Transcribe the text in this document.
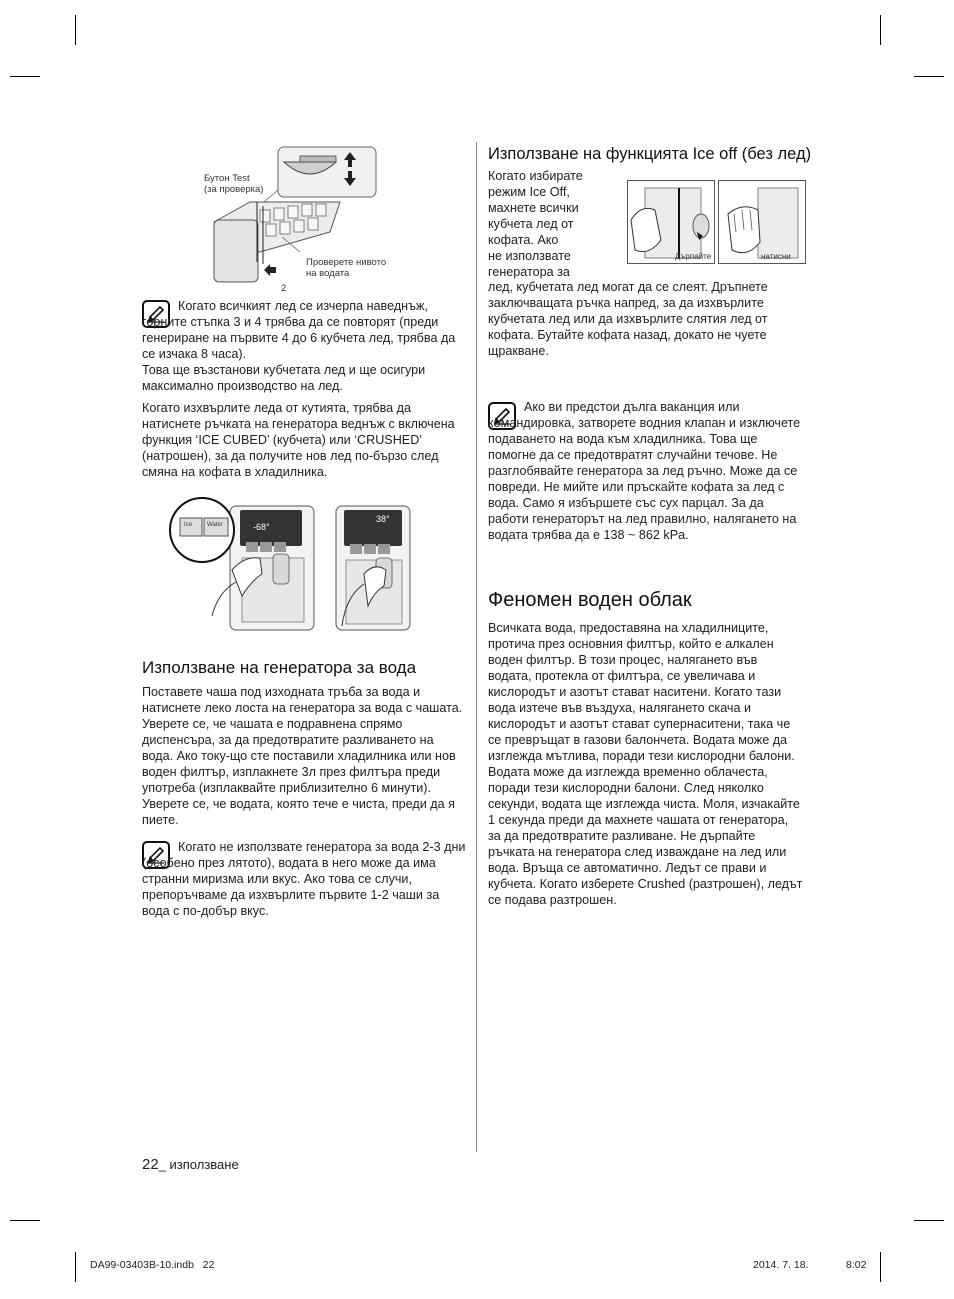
Бутон Test
(за проверка)
Проверете нивото
на водата
2
Когато всичкият лед се изчерпа наведнъж, горните стъпка 3 и 4 трябва да се повторят (преди генериране на първите 4 до 6 кубчета лед, трябва да се изчака 8 часа).
Това ще възстанови кубчетата лед и ще осигури максимално производство на лед.
Когато изхвърлите леда от кутията, трябва да натиснете ръчката на генератора веднъж с включена функция ‘ICE CUBED’ (кубчета) или ‘CRUSHED’ (натрошен), за да получите нов лед по-бързо след смяна на кофата в хладилника.
-68°
Ice Water
38°
Използване на генератора за вода
Поставете чаша под изходната тръба за вода и натиснете леко лоста на генератора за вода с чашата. Уверете се, че чашата е подравнена спрямо диспенсъра, за да предотвратите разливането на вода. Ако току-що сте поставили хладилника или нов воден филтър, изплакнете 3л през филтъра преди употреба (изплаквайте приблизително 6 минути). Уверете се, че водата, която тече е чиста, преди да я пиете.
Когато не използвате генератора за вода 2-3 дни (особено през лятото), водата в него може да има странни миризма или вкус. Ако това се случи, препоръчваме да изхвърлите първите 1-2 чаши за вода с по-добър вкус.
Използване на функцията Ice off (без лед)
Когато избирате
режим Ice Off,
махнете всички
кубчета лед от
кофата. Ако
не използвате
генератора за
Дърпайте	натисни
лед, кубчетата лед могат да се слеят. Дръпнете заключващата ръчка напред, за да изхвърлите кубчетата лед или да изхвърлите слятия лед от кофата. Бутайте кофата назад, докато не чуете щракване.
Ако ви предстои дълга ваканция или командировка, затворете водния клапан и изключете подаването на вода към хладилника. Това ще помогне да се предотвратят случайни течове. Не разглобявайте генератора за лед ръчно. Може да се повреди. Не мийте или пръскайте кофата за лед с вода. Само я избършете със сух парцал. За да работи генераторът на лед правилно, налягането на водата трябва да е 138 ~ 862 kPa.
Феномен воден облак
Всичката вода, предоставяна на хладилниците, протича през основния филтър, който е алкален воден филтър. В този процес, налягането във водата, протекла от филтъра, се увеличава и кислородът и азотът стават наситени. Когато тази вода изтече във въздуха, налягането скача и кислородът и азотът стават супернаситени, така че се превръщат в газови балончета. Водата може да изглежда мътлива, поради тези кислородни балони. Водата може да изглежда временно облачеста, поради тези кислородни балони. След няколко секунди, водата ще изглежда чиста. Моля, изчакайте 1 секунда преди да махнете чашата от генератора, за да предотвратите разливане. Не дърпайте ръчката на генератора след изваждане на лед или вода. Връща се автоматично. Ледът се прави и кубчета. Когато изберете Crushed (разтрошен), ледът се подава разтрошен.
22_ използване
DA99-03403B-10.indb   22	2014. 7. 18.	8:02
